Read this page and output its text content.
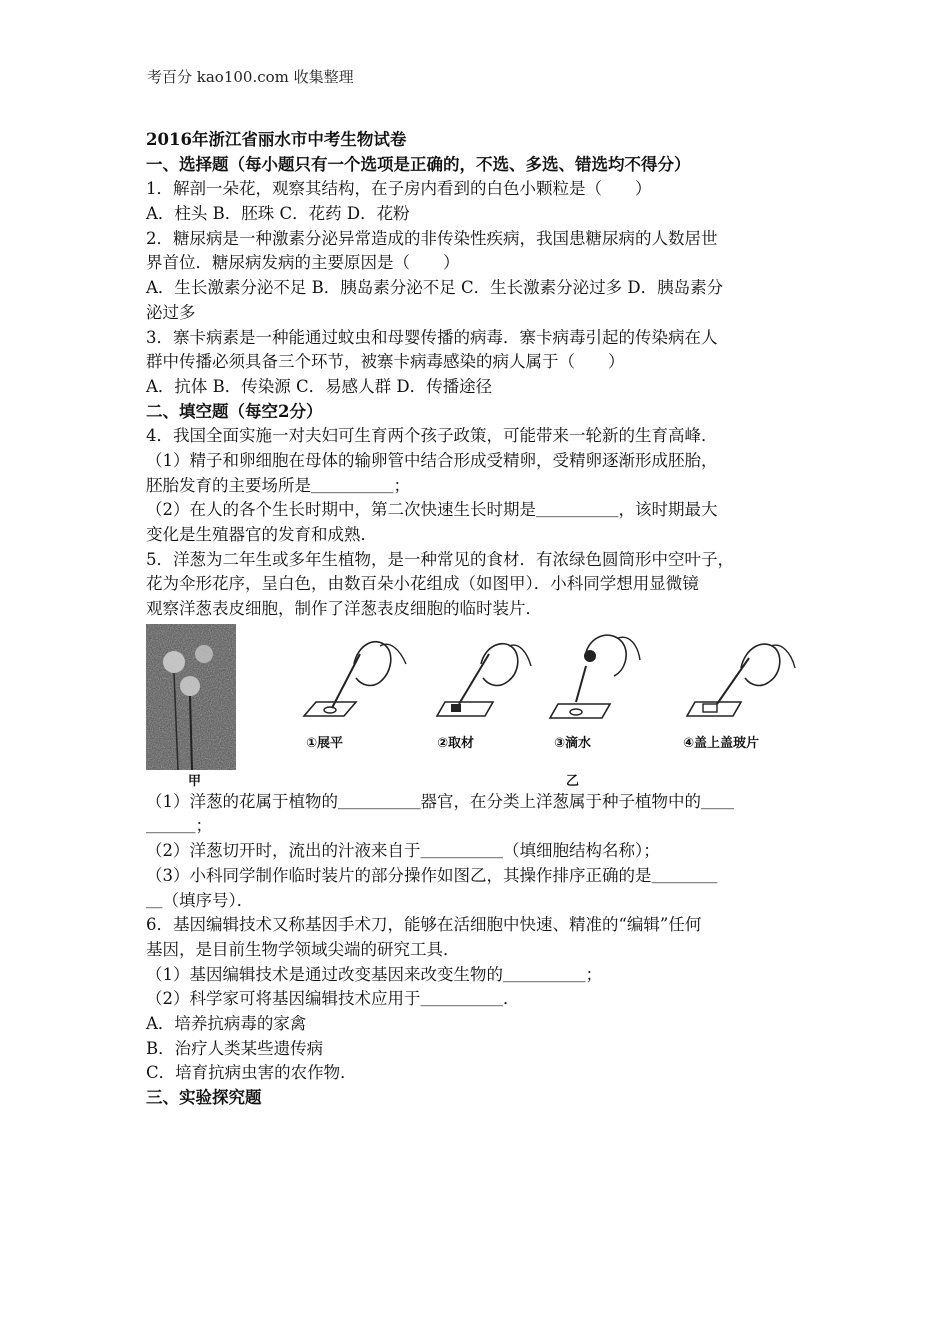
考百分 kao100.com 收集整理
2016年浙江省丽水市中考生物试卷
一、选择题（每小题只有一个选项是正确的，不选、多选、错选均不得分）
1．解剖一朵花，观察其结构，在子房内看到的白色小颗粒是（　　）
A．柱头 B．胚珠 C．花药 D．花粉
2．糖尿病是一种激素分泌异常造成的非传染性疾病，我国患糖尿病的人数居世
界首位．糖尿病发病的主要原因是（　　）
A．生长激素分泌不足 B．胰岛素分泌不足 C．生长激素分泌过多 D．胰岛素分
泌过多
3．寨卡病素是一种能通过蚊虫和母婴传播的病毒．寨卡病毒引起的传染病在人
群中传播必须具备三个环节，被寨卡病毒感染的病人属于（　　）
A．抗体 B．传染源 C．易感人群 D．传播途径
二、填空题（每空2分）
4．我国全面实施一对夫妇可生育两个孩子政策，可能带来一轮新的生育高峰．
（1）精子和卵细胞在母体的输卵管中结合形成受精卵，受精卵逐渐形成胚胎，
胚胎发育的主要场所是＿＿＿＿＿；
（2）在人的各个生长时期中，第二次快速生长时期是＿＿＿＿＿，该时期最大
变化是生殖器官的发育和成熟．
5．洋葱为二年生或多年生植物，是一种常见的食材．有浓绿色圆筒形中空叶子，
花为伞形花序，呈白色，由数百朵小花组成（如图甲）．小科同学想用显微镜
观察洋葱表皮细胞，制作了洋葱表皮细胞的临时装片．
甲
①展平	②取材	③滴水	④盖上盖玻片
乙
（1）洋葱的花属于植物的＿＿＿＿＿器官，在分类上洋葱属于种子植物中的＿＿
＿＿＿；
（2）洋葱切开时，流出的汁液来自于＿＿＿＿＿（填细胞结构名称）；
（3）小科同学制作临时装片的部分操作如图乙，其操作排序正确的是＿＿＿＿
＿（填序号）．
6．基因编辑技术又称基因手术刀，能够在活细胞中快速、精准的“编辑”任何
基因，是目前生物学领域尖端的研究工具．
（1）基因编辑技术是通过改变基因来改变生物的＿＿＿＿＿；
（2）科学家可将基因编辑技术应用于＿＿＿＿＿．
A．培养抗病毒的家禽
B．治疗人类某些遗传病
C．培育抗病虫害的农作物．
三、实验探究题
